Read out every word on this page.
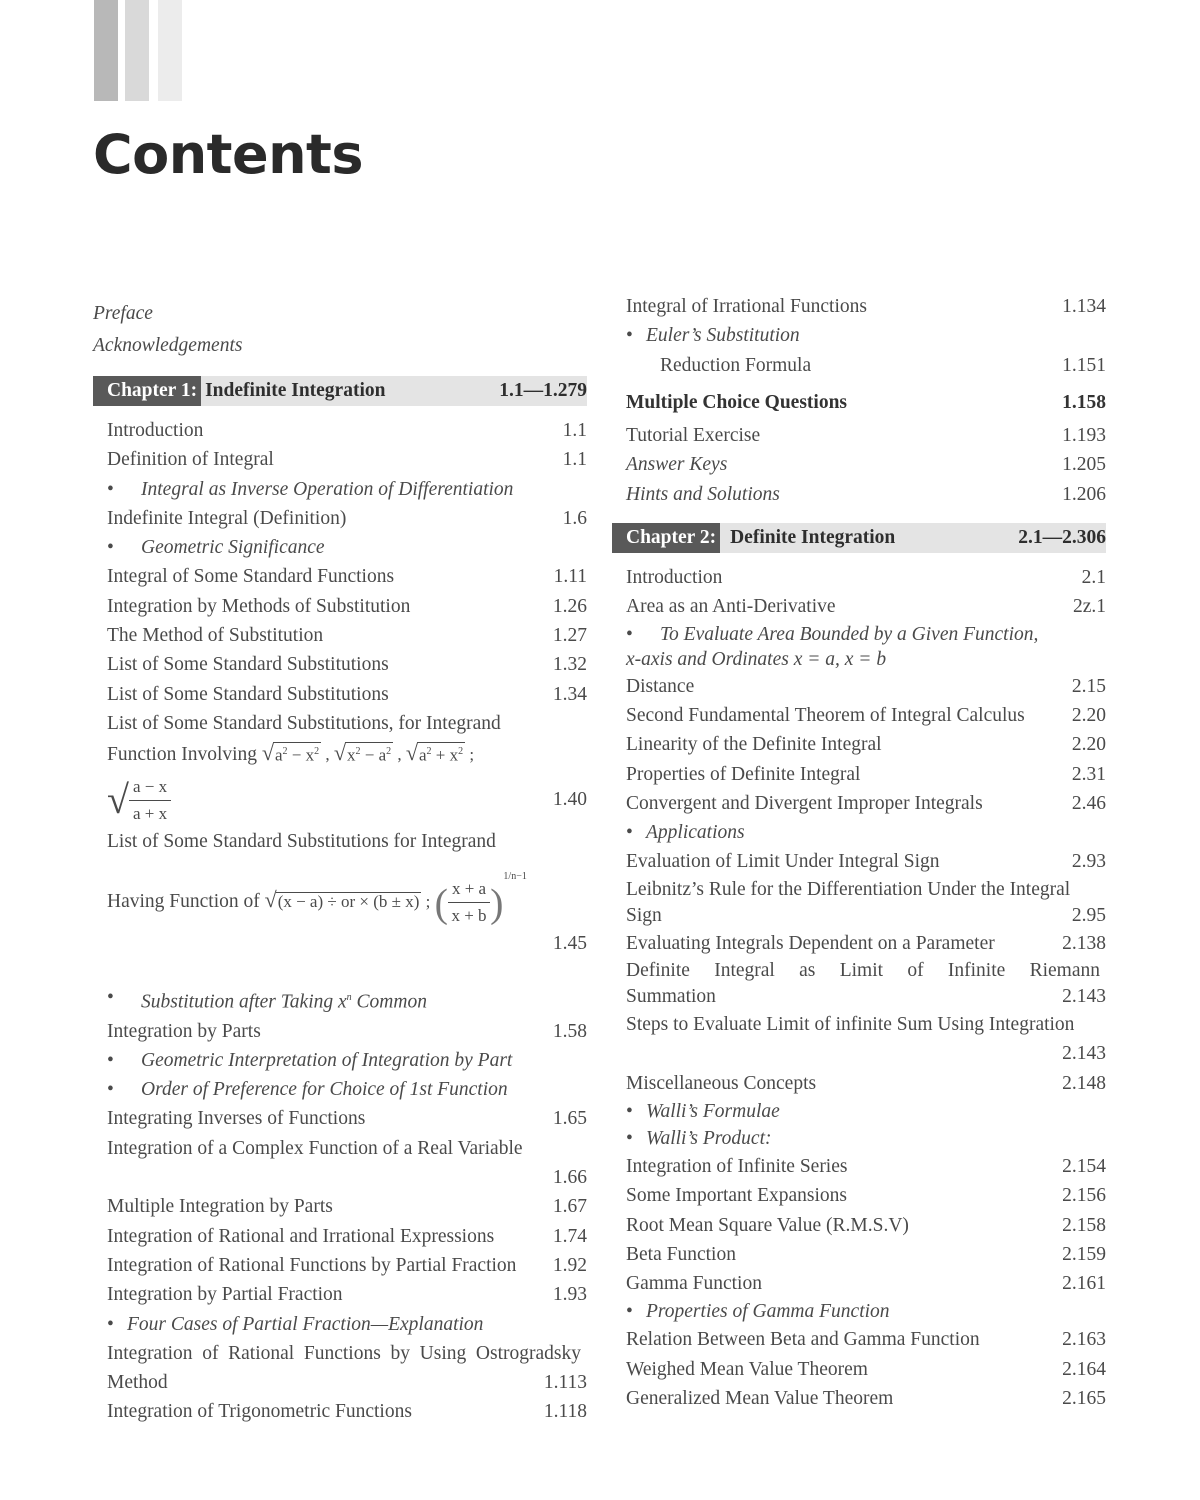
Contents
Preface
Acknowledgements
Chapter 1: Indefinite Integration	1.1—1.279
Introduction	1.1
Definition of Integral	1.1
• Integral as Inverse Operation of Differentiation
Indefinite Integral (Definition)	1.6
• Geometric Significance
Integral of Some Standard Functions	1.11
Integration by Methods of Substitution	1.26
The Method of Substitution	1.27
List of Some Standard Substitutions	1.32
List of Some Standard Substitutions	1.34
List of Some Standard Substitutions, for Integrand
Function Involving $√a^2 - x^2$ , $√x^2 - a^2$ , $√a^2 + x^2$ ;
√ $\frac{a - x}{a + x}$	1.40
List of Some Standard Substitutions for Integrand
Having Function of √(x − a) ÷ or × (b ± x) ; ( $\frac{x + a}{x + b} )^{1/n-1}$
1.45
• Substitution after Taking $x^n$ Common
Integration by Parts	1.58
• Geometric Interpretation of Integration by Part
• Order of Preference for Choice of 1st Function
Integrating Inverses of Functions	1.65
Integration of a Complex Function of a Real Variable
1.66
Multiple Integration by Parts	1.67
Integration of Rational and Irrational Expressions	1.74
Integration of Rational Functions by Partial Fraction	1.92
Integration by Partial Fraction	1.93
• Four Cases of Partial Fraction—Explanation
Integration of Rational Functions by Using Ostrogradsky
Method	1.113
Integration of Trigonometric Functions	1.118
Integral of Irrational Functions	1.134
• Euler’s Substitution
Reduction Formula	1.151
Multiple Choice Questions	1.158
Tutorial Exercise	1.193
Answer Keys	1.205
Hints and Solutions	1.206
Chapter 2: Definite Integration	2.1—2.306
Introduction	2.1
Area as an Anti-Derivative	2z.1
• To Evaluate Area Bounded by a Given Function,
x-axis and Ordinates x = a, x = b
Distance	2.15
Second Fundamental Theorem of Integral Calculus	2.20
Linearity of the Definite Integral	2.20
Properties of Definite Integral	2.31
Convergent and Divergent Improper Integrals	2.46
• Applications
Evaluation of Limit Under Integral Sign	2.93
Leibnitz’s Rule for the Differentiation Under the Integral
Sign	2.95
Evaluating Integrals Dependent on a Parameter	2.138
Definite Integral as Limit of Infinite Riemann
Summation	2.143
Steps to Evaluate Limit of infinite Sum Using Integration
2.143
Miscellaneous Concepts	2.148
• Walli’s Formulae
• Walli’s Product:
Integration of Infinite Series	2.154
Some Important Expansions	2.156
Root Mean Square Value (R.M.S.V)	2.158
Beta Function	2.159
Gamma Function	2.161
• Properties of Gamma Function
Relation Between Beta and Gamma Function	2.163
Weighed Mean Value Theorem	2.164
Generalized Mean Value Theorem	2.165
